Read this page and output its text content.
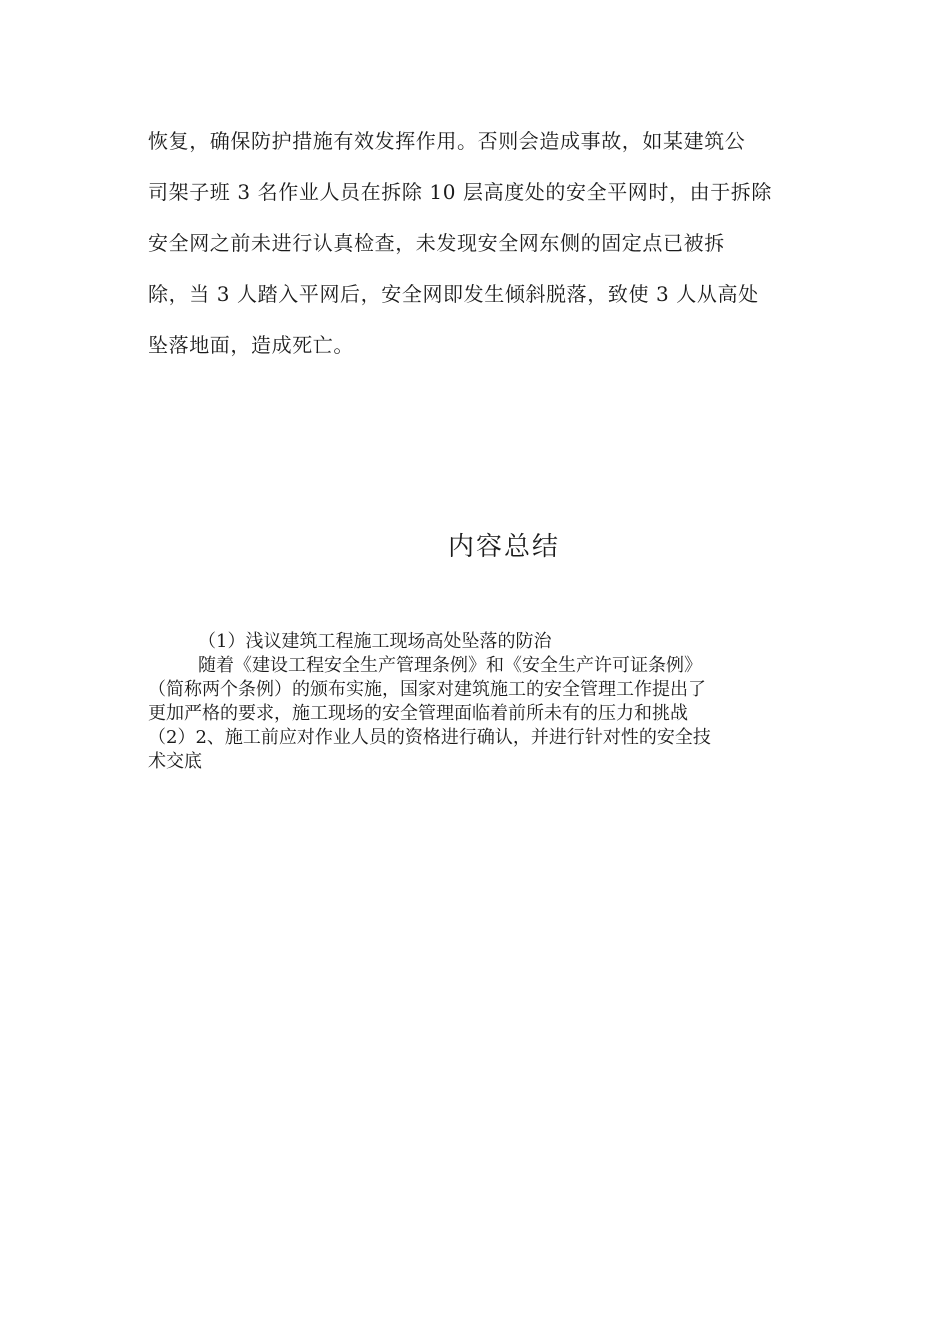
恢复，确保防护措施有效发挥作用。否则会造成事故，如某建筑公
司架子班 3 名作业人员在拆除 10 层高度处的安全平网时，由于拆除
安全网之前未进行认真检查，未发现安全网东侧的固定点已被拆
除，当 3 人踏入平网后，安全网即发生倾斜脱落，致使 3 人从高处
坠落地面，造成死亡。
内容总结
（1）浅议建筑工程施工现场高处坠落的防治
随着《建设工程安全生产管理条例》和《安全生产许可证条例》
（简称两个条例）的颁布实施，国家对建筑施工的安全管理工作提出了
更加严格的要求，施工现场的安全管理面临着前所未有的压力和挑战
（2）2、施工前应对作业人员的资格进行确认，并进行针对性的安全技
术交底
